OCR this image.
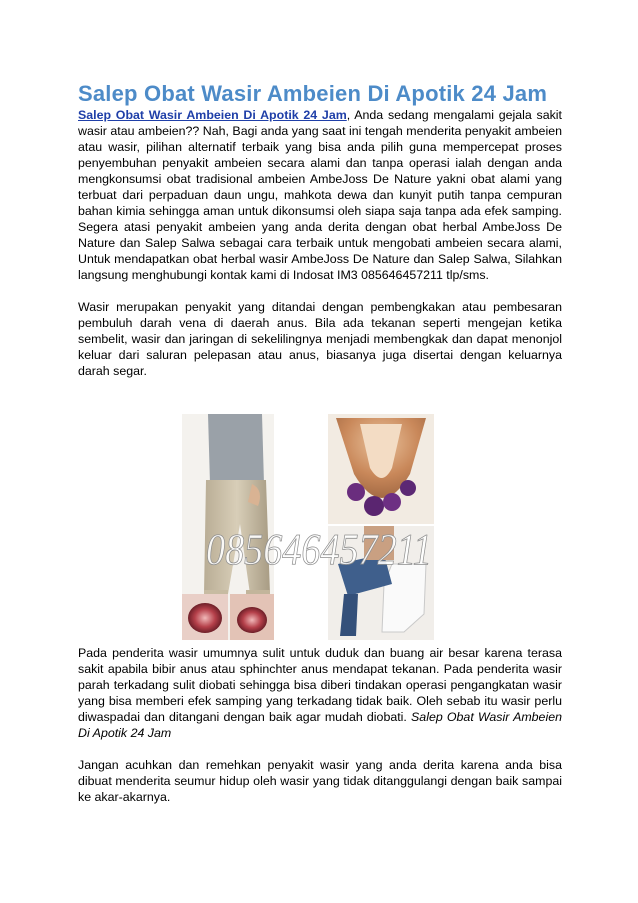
Salep Obat Wasir Ambeien Di Apotik 24 Jam

Salep Obat Wasir Ambeien Di Apotik 24 Jam, Anda sedang mengalami gejala sakit wasir atau ambeien?? Nah, Bagi anda yang saat ini tengah menderita penyakit ambeien atau wasir, pilihan alternatif terbaik yang bisa anda pilih guna mempercepat proses penyembuhan penyakit ambeien secara alami dan tanpa operasi ialah dengan anda mengkonsumsi obat tradisional ambeien AmbeJoss De Nature yakni obat alami yang terbuat dari perpaduan daun ungu, mahkota dewa dan kunyit putih tanpa cempuran bahan kimia sehingga aman untuk dikonsumsi oleh siapa saja tanpa ada efek samping. Segera atasi penyakit ambeien yang anda derita dengan obat herbal AmbeJoss De Nature dan Salep Salwa sebagai cara terbaik untuk mengobati ambeien secara alami, Untuk mendapatkan obat herbal wasir AmbeJoss De Nature dan Salep Salwa, Silahkan langsung menghubungi kontak kami di Indosat IM3 085646457211 tlp/sms.

Wasir merupakan penyakit yang ditandai dengan pembengkakan atau pembesaran pembuluh darah vena di daerah anus. Bila ada tekanan seperti mengejan ketika sembelit, wasir dan jaringan di sekelilingnya menjadi membengkak dan dapat menonjol keluar dari saluran pelepasan atau anus, biasanya juga disertai dengan keluarnya darah segar.

Pada penderita wasir umumnya sulit untuk duduk dan buang air besar karena terasa sakit apabila bibir anus atau sphinchter anus mendapat tekanan. Pada penderita wasir parah terkadang sulit diobati sehingga bisa diberi tindakan operasi pengangkatan wasir yang bisa memberi efek samping yang terkadang tidak baik. Oleh sebab itu wasir perlu diwaspadai dan ditangani dengan baik agar mudah diobati. Salep Obat Wasir Ambeien Di Apotik 24 Jam

Jangan acuhkan dan remehkan penyakit wasir yang anda derita karena anda bisa dibuat menderita seumur hidup oleh wasir yang tidak ditanggulangi dengan baik sampai ke akar-akarnya.

085646457211
